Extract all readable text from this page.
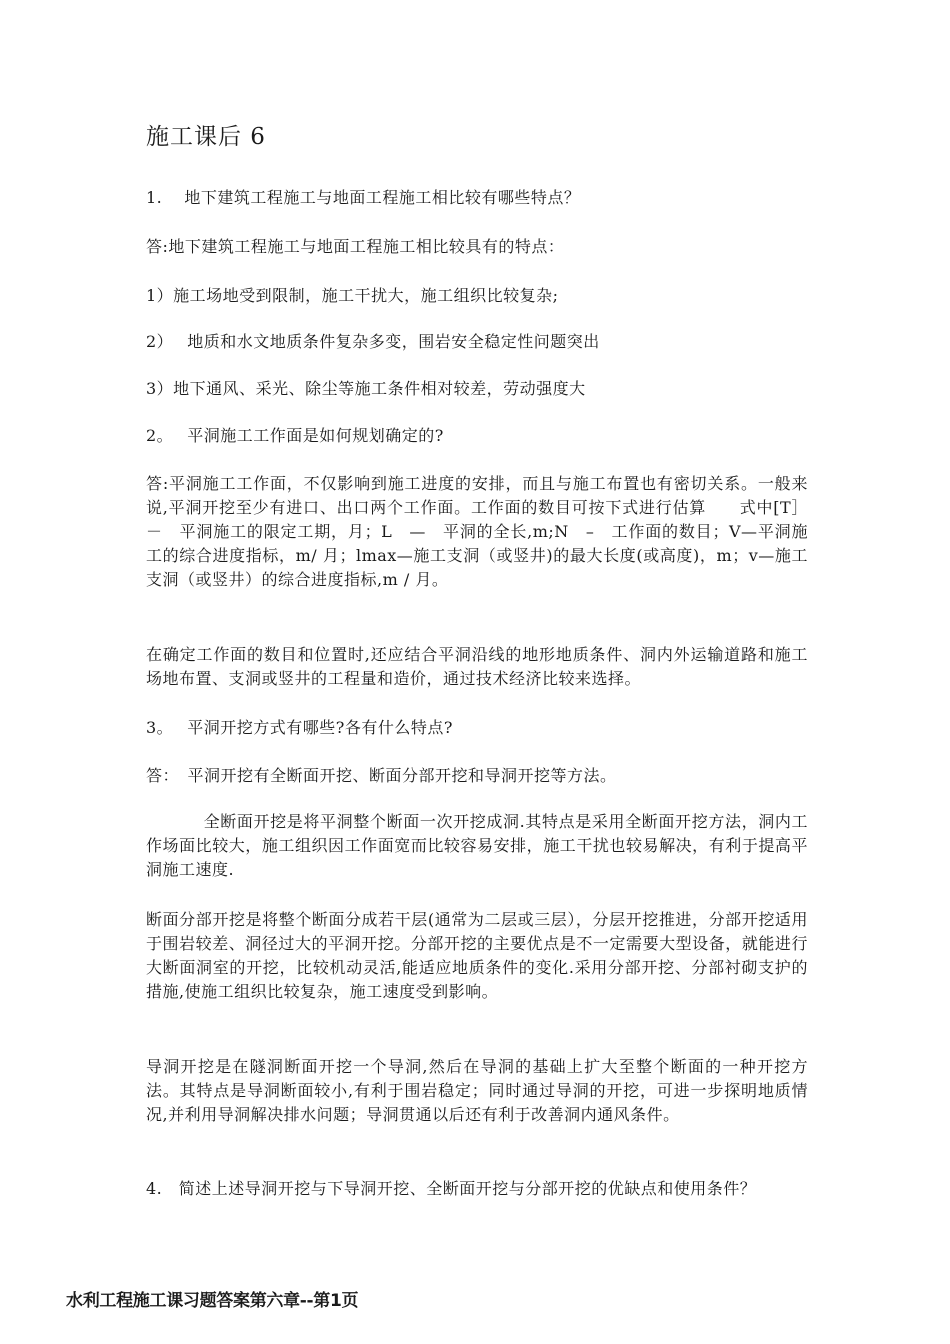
施工课后 6

1.　 地下建筑工程施工与地面工程施工相比较有哪些特点？

答:地下建筑工程施工与地面工程施工相比较具有的特点：

1）施工场地受到限制，施工干扰大，施工组织比较复杂;

2）　 地质和水文地质条件复杂多变，围岩安全稳定性问题突出

3）地下通风、采光、除尘等施工条件相对较差，劳动强度大

2。　 平洞施工工作面是如何规划确定的?

答:平洞施工工作面，不仅影响到施工进度的安排，而且与施工布置也有密切关系。一般来说,平洞开挖至少有进口、出口两个工作面。工作面的数目可按下式进行估算　　式中[T］－　平洞施工的限定工期，月；L　—　平洞的全长,m;N　–　工作面的数目；V—平洞施工的综合进度指标，m/ 月；lmax—施工支洞（或竖井)的最大长度(或高度)，m；v—施工支洞（或竖井）的综合进度指标,m / 月。

在确定工作面的数目和位置时,还应结合平洞沿线的地形地质条件、洞内外运输道路和施工场地布置、支洞或竖井的工程量和造价，通过技术经济比较来选择。

3。　 平洞开挖方式有哪些?各有什么特点?

答：　平洞开挖有全断面开挖、断面分部开挖和导洞开挖等方法。

全断面开挖是将平洞整个断面一次开挖成洞.其特点是采用全断面开挖方法，洞内工作场面比较大，施工组织因工作面宽而比较容易安排，施工干扰也较易解决，有利于提高平洞施工速度.

断面分部开挖是将整个断面分成若干层(通常为二层或三层），分层开挖推进，分部开挖适用于围岩较差、洞径过大的平洞开挖。分部开挖的主要优点是不一定需要大型设备，就能进行大断面洞室的开挖，比较机动灵活,能适应地质条件的变化.采用分部开挖、分部衬砌支护的措施,使施工组织比较复杂，施工速度受到影响。

导洞开挖是在隧洞断面开挖一个导洞,然后在导洞的基础上扩大至整个断面的一种开挖方法。其特点是导洞断面较小,有利于围岩稳定；同时通过导洞的开挖，可进一步探明地质情况,并利用导洞解决排水问题；导洞贯通以后还有利于改善洞内通风条件。

4.　简述上述导洞开挖与下导洞开挖、全断面开挖与分部开挖的优缺点和使用条件？

水利工程施工课习题答案第六章--第1页
